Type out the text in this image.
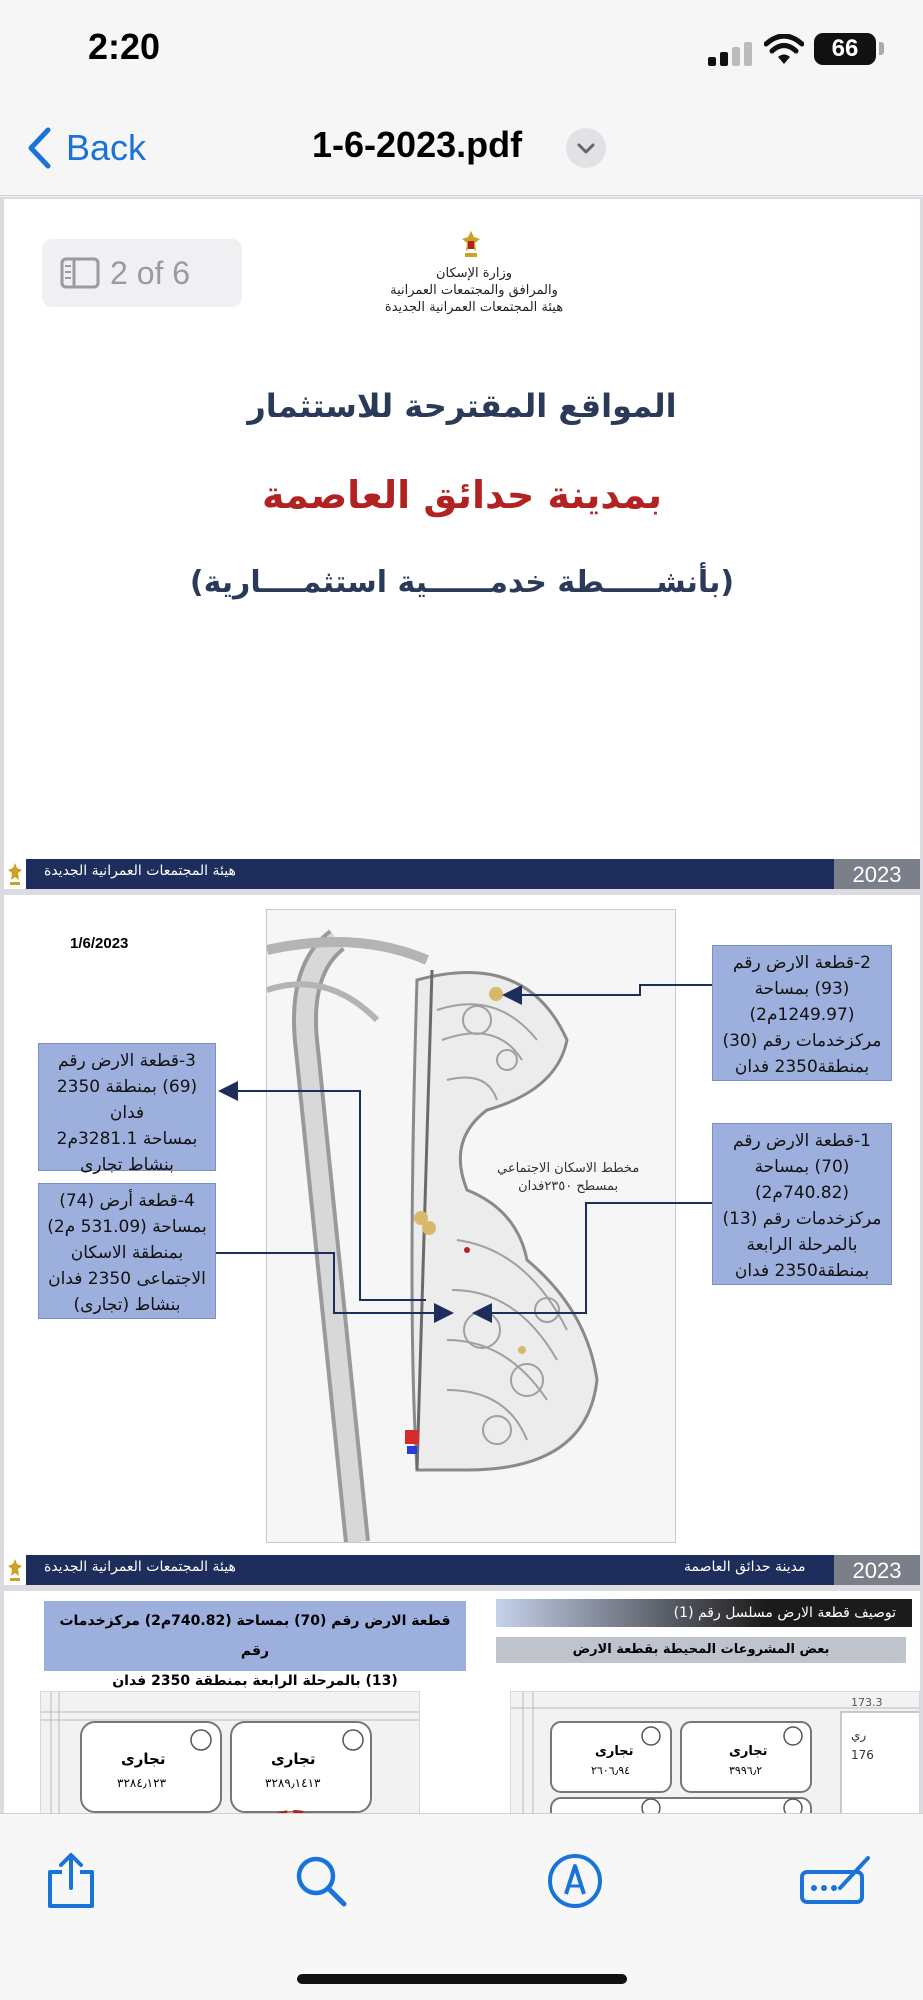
2:20	66
Back	1-6-2023.pdf
2 of 6	وزارة الإسكان
والمرافق والمجتمعات العمرانية
هيئة المجتمعات العمرانية الجديدة
المواقع المقترحة للاستثمار
بمدينة حدائق العاصمة
(بأنشـــــطة خدمــــــية استثمــــارية)
هيئة المجتمعات العمرانية الجديدة	2023
1/6/2023
مخطط الاسكان الاجتماعي
بمسطح ٢٣٥٠فدان
2-قطعة الارض رقم
(93) بمساحة
(1249.97م2)
مركزخدمات رقم (30)
بمنطقة2350 فدان
1-قطعة الارض رقم
(70) بمساحة
(740.82م2)
مركزخدمات رقم (13)
بالمرحلة الرابعة
بمنطقة2350 فدان
3-قطعة الارض رقم
(69) بمنطقة 2350
فدان
بمساحة 3281.1م2
بنشاط تجارى
4-قطعة أرض (74)
بمساحة (531.09 م2)
بمنطقة الاسكان
الاجتماعى 2350 فدان
بنشاط (تجارى)
هيئة المجتمعات العمرانية الجديدة	مدينة حدائق العاصمة	2023
قطعة الارض رقم (70) بمساحة (740.82م2) مركزخدمات رقم
(13) بالمرحلة الرابعة بمنطقة 2350 فدان
توصيف قطعة الارض مسلسل رقم (1)
بعض المشروعات المحيطة بقطعة الارض
تجارى	تجارى
٣٢٨٤٫١٢٣	٣٢٨٩٫١٤١٣
تجارى	تجارى
٢٦٠٦٫٩٤	٣٩٩٦٫٢
173.3
ري
176
